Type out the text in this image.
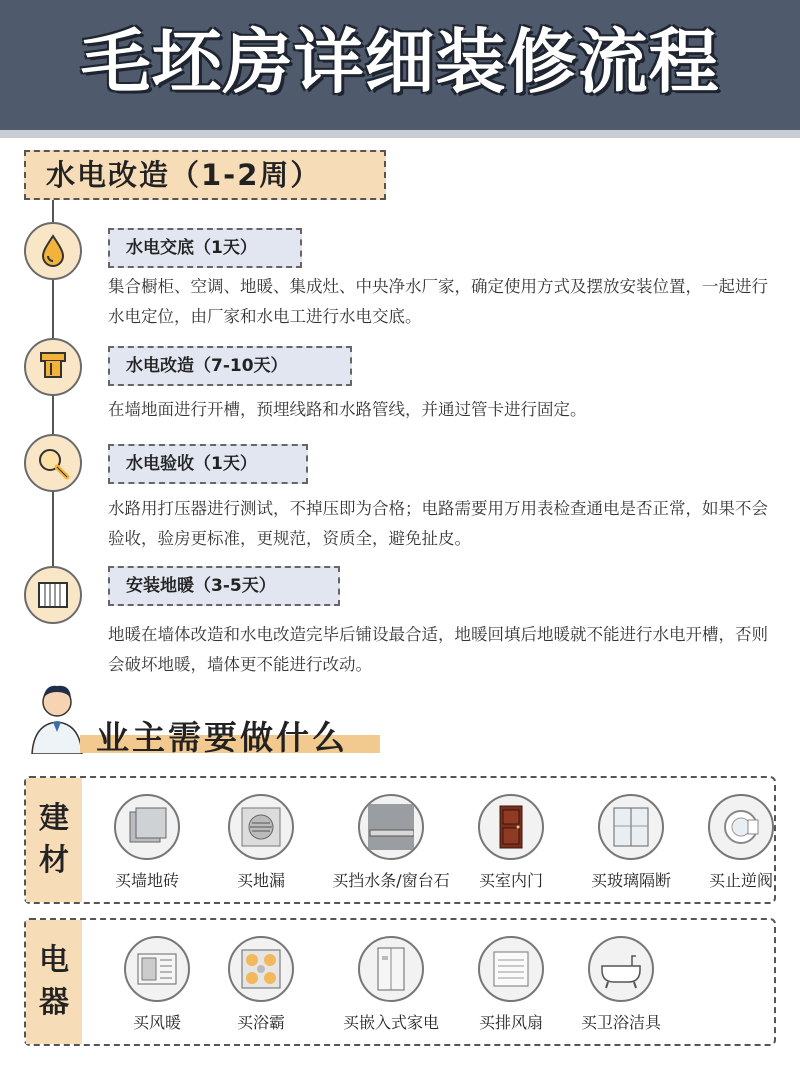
毛坯房详细装修流程
水电改造（1-2周）
水电交底（1天）
集合橱柜、空调、地暖、集成灶、中央净水厂家，确定使用方式及摆放安装位置，一起进行水电定位，由厂家和水电工进行水电交底。
水电改造（7-10天）
在墙地面进行开槽，预埋线路和水路管线，并通过管卡进行固定。
水电验收（1天）
水路用打压器进行测试，不掉压即为合格；电路需要用万用表检查通电是否正常，如果不会验收，验房更标准，更规范，资质全，避免扯皮。
安装地暖（3-5天）
地暖在墙体改造和水电改造完毕后铺设最合适，地暖回填后地暖就不能进行水电开槽，否则会破坏地暖，墙体更不能进行改动。
业主需要做什么
建
材
买墙地砖	买地漏	买挡水条/窗台石	买室内门	买玻璃隔断	买止逆阀
电
器
买风暖	买浴霸	买嵌入式家电	买排风扇	买卫浴洁具
